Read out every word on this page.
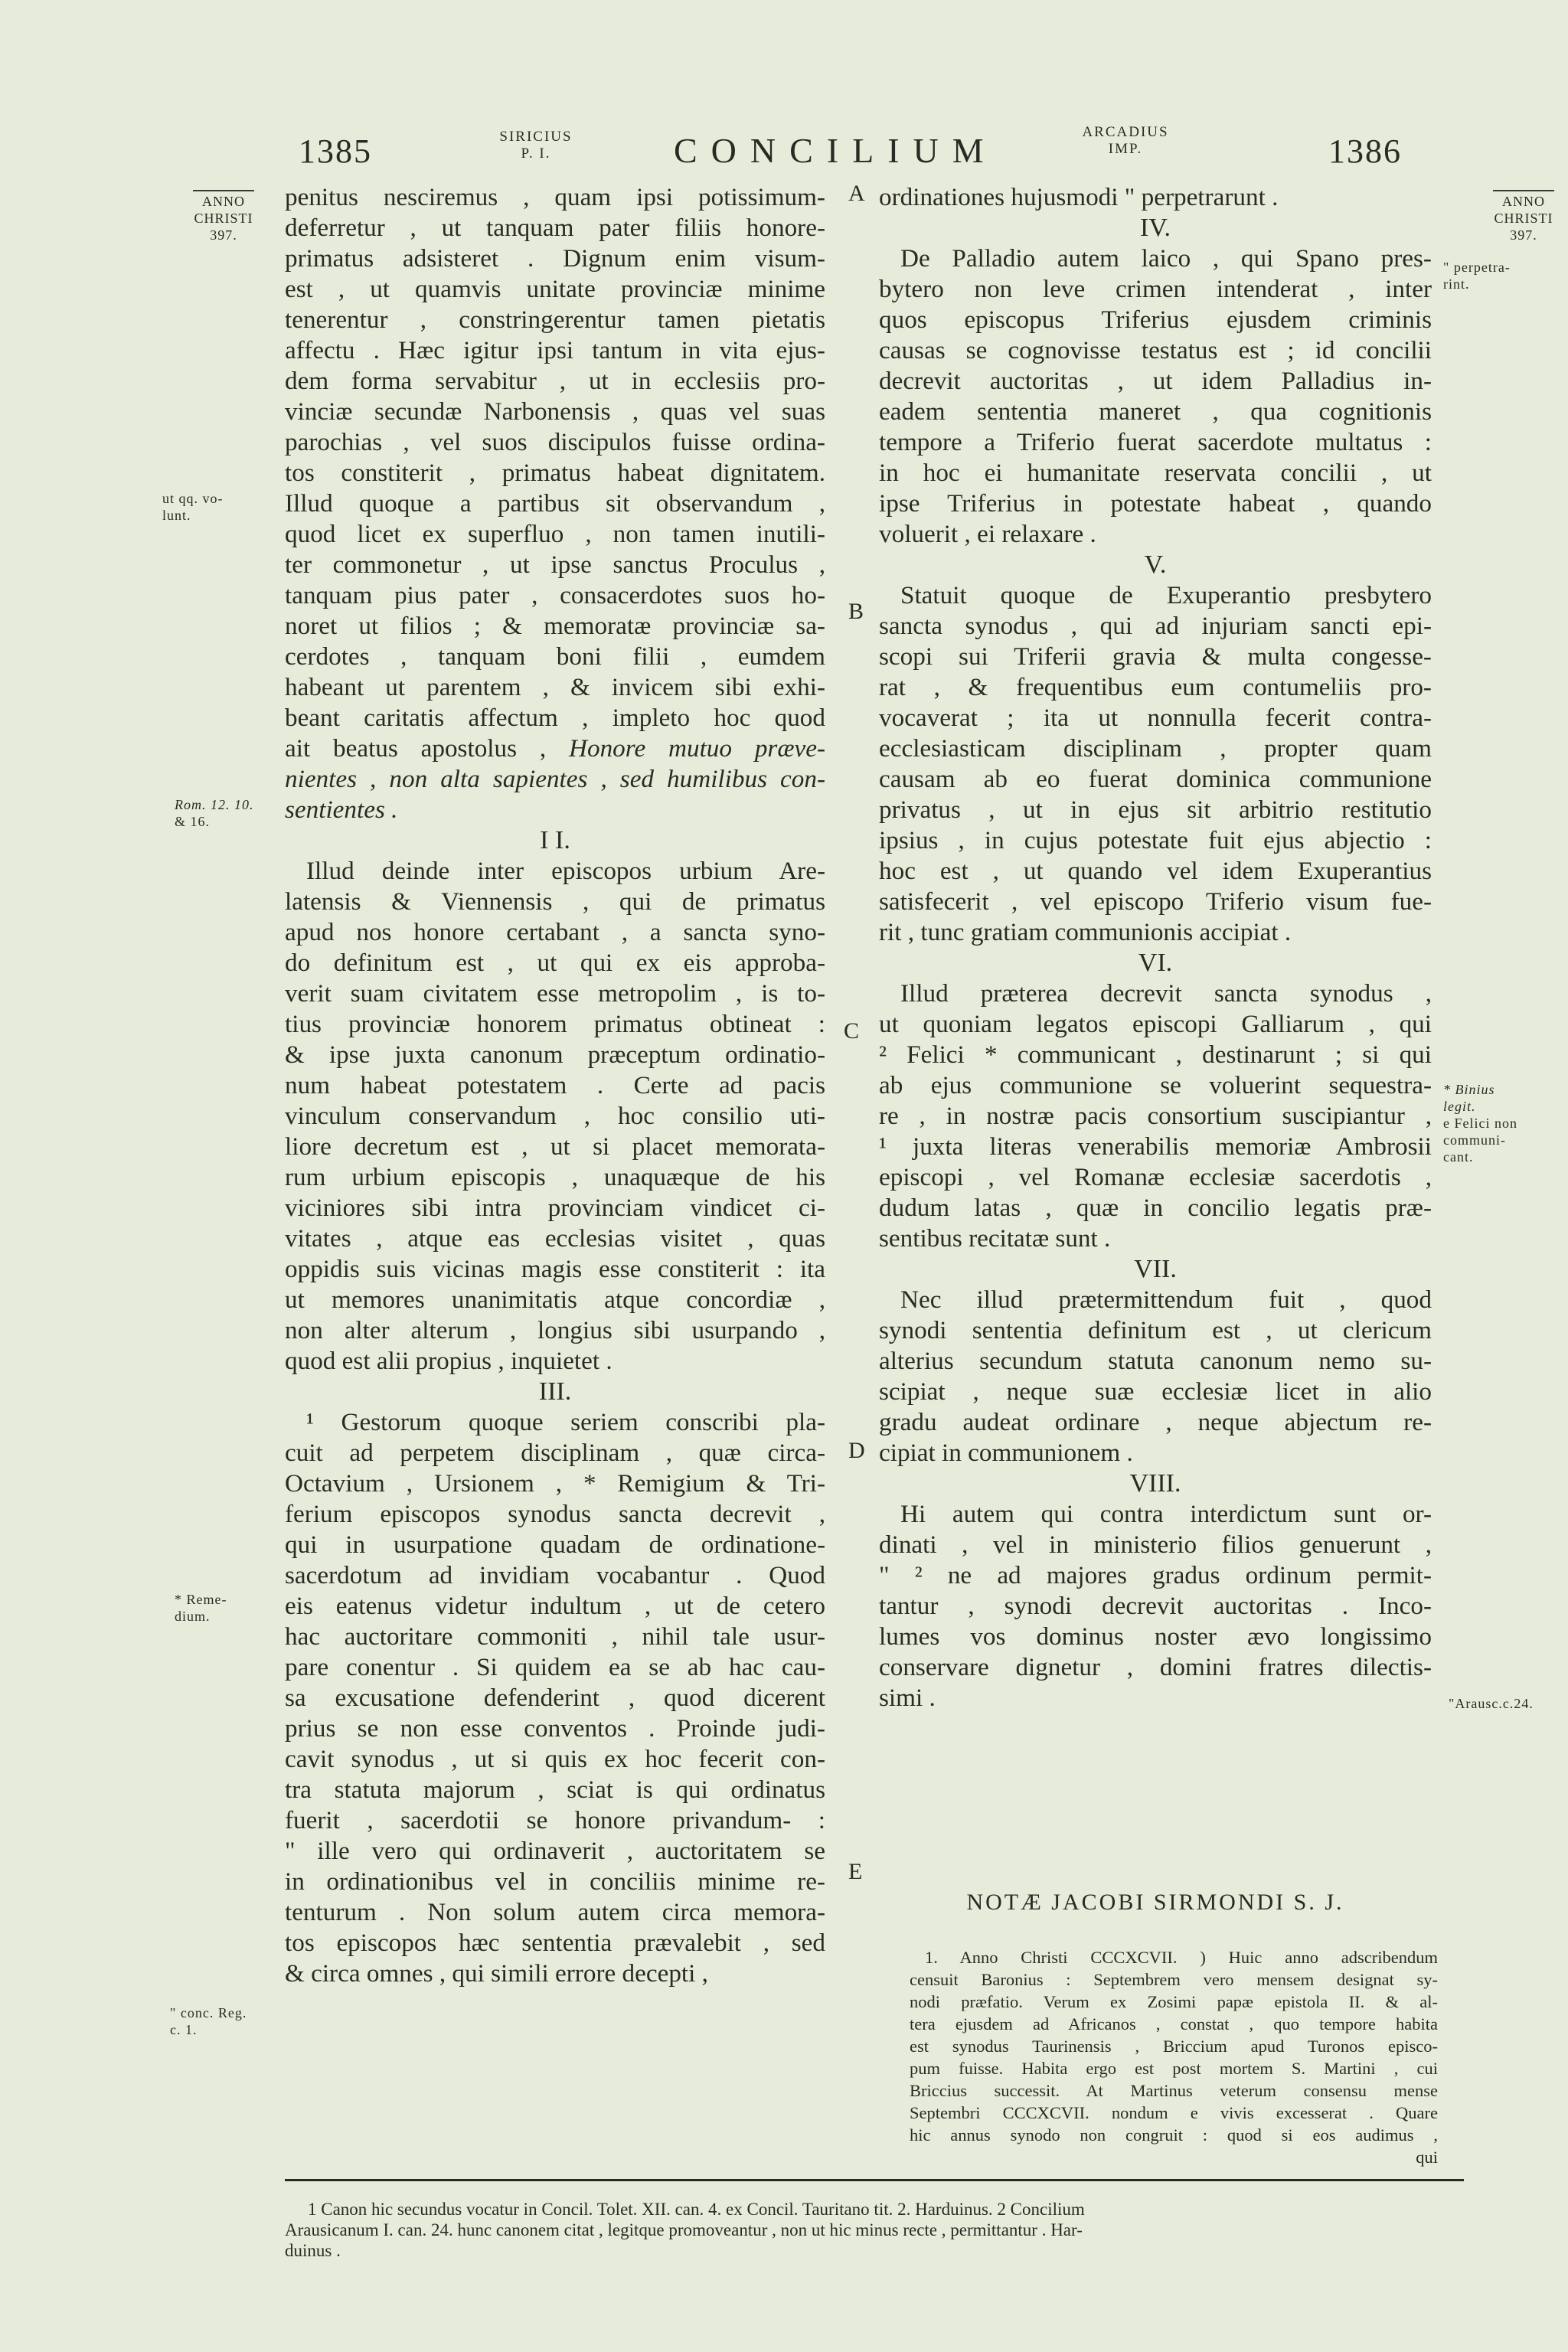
1385	SIRICIUS
P. I.	CONCILIUM	ARCADIUS
IMP.	1386
ANNO
CHRISTI
397.
ut qq. vo-
lunt.
Rom. 12. 10.
& 16.
* Reme-
dium.
" conc. Reg.
c. 1.
ANNO
CHRISTI
397.
" perpetra-
rint.
* Binius
legit.
e Felici non
communi-
cant.
"Arausc.c.24.
A
B
C
D
E
penitus nesciremus , quam ipsi potissimum-
deferretur , ut tanquam pater filiis honore-
primatus adsisteret . Dignum enim visum-
est , ut quamvis unitate provinciæ minime
tenerentur , constringerentur tamen pietatis
affectu . Hæc igitur ipsi tantum in vita ejus-
dem forma servabitur , ut in ecclesiis pro-
vinciæ secundæ Narbonensis , quas vel suas
parochias , vel suos discipulos fuisse ordina-
tos constiterit , primatus habeat dignitatem.
Illud quoque a partibus sit observandum ,
quod licet ex superfluo , non tamen inutili-
ter commonetur , ut ipse sanctus Proculus ,
tanquam pius pater , consacerdotes suos ho-
noret ut filios ; & memoratæ provinciæ sa-
cerdotes , tanquam boni filii , eumdem
habeant ut parentem , & invicem sibi exhi-
beant caritatis affectum , impleto hoc quod
ait beatus apostolus , Honore mutuo præve-
nientes , non alta sapientes , sed humilibus con-
sentientes .
I I.
Illud deinde inter episcopos urbium Are-
latensis & Viennensis , qui de primatus
apud nos honore certabant , a sancta syno-
do definitum est , ut qui ex eis approba-
verit suam civitatem esse metropolim , is to-
tius provinciæ honorem primatus obtineat :
& ipse juxta canonum præceptum ordinatio-
num habeat potestatem . Certe ad pacis
vinculum conservandum , hoc consilio uti-
liore decretum est , ut si placet memorata-
rum urbium episcopis , unaquæque de his
viciniores sibi intra provinciam vindicet ci-
vitates , atque eas ecclesias visitet , quas
oppidis suis vicinas magis esse constiterit : ita
ut memores unanimitatis atque concordiæ ,
non alter alterum , longius sibi usurpando ,
quod est alii propius , inquietet .
III.
¹ Gestorum quoque seriem conscribi pla-
cuit ad perpetem disciplinam , quæ circa-
Octavium , Ursionem , * Remigium & Tri-
ferium episcopos synodus sancta decrevit ,
qui in usurpatione quadam de ordinatione-
sacerdotum ad invidiam vocabantur . Quod
eis eatenus videtur indultum , ut de cetero
hac auctoritare commoniti , nihil tale usur-
pare conentur . Si quidem ea se ab hac cau-
sa excusatione defenderint , quod dicerent
prius se non esse conventos . Proinde judi-
cavit synodus , ut si quis ex hoc fecerit con-
tra statuta majorum , sciat is qui ordinatus
fuerit , sacerdotii se honore privandum- :
" ille vero qui ordinaverit , auctoritatem se
in ordinationibus vel in conciliis minime re-
tenturum . Non solum autem circa memora-
tos episcopos hæc sententia prævalebit , sed
& circa omnes , qui simili errore decepti ,
ordinationes hujusmodi " perpetrarunt .
IV.
De Palladio autem laico , qui Spano pres-
bytero non leve crimen intenderat , inter
quos episcopus Triferius ejusdem criminis
causas se cognovisse testatus est ; id concilii
decrevit auctoritas , ut idem Palladius in-
eadem sententia maneret , qua cognitionis
tempore a Triferio fuerat sacerdote multatus :
in hoc ei humanitate reservata concilii , ut
ipse Triferius in potestate habeat , quando
voluerit , ei relaxare .
V.
Statuit quoque de Exuperantio presbytero
sancta synodus , qui ad injuriam sancti epi-
scopi sui Triferii gravia & multa congesse-
rat , & frequentibus eum contumeliis pro-
vocaverat ; ita ut nonnulla fecerit contra-
ecclesiasticam disciplinam , propter quam
causam ab eo fuerat dominica communione
privatus , ut in ejus sit arbitrio restitutio
ipsius , in cujus potestate fuit ejus abjectio :
hoc est , ut quando vel idem Exuperantius
satisfecerit , vel episcopo Triferio visum fue-
rit , tunc gratiam communionis accipiat .
VI.
Illud præterea decrevit sancta synodus ,
ut quoniam legatos episcopi Galliarum , qui
² Felici * communicant , destinarunt ; si qui
ab ejus communione se voluerint sequestra-
re , in nostræ pacis consortium suscipiantur ,
¹ juxta literas venerabilis memoriæ Ambrosii
episcopi , vel Romanæ ecclesiæ sacerdotis ,
dudum latas , quæ in concilio legatis præ-
sentibus recitatæ sunt .
VII.
Nec illud prætermittendum fuit , quod
synodi sententia definitum est , ut clericum
alterius secundum statuta canonum nemo su-
scipiat , neque suæ ecclesiæ licet in alio
gradu audeat ordinare , neque abjectum re-
cipiat in communionem .
VIII.
Hi autem qui contra interdictum sunt or-
dinati , vel in ministerio filios genuerunt ,
" ² ne ad majores gradus ordinum permit-
tantur , synodi decrevit auctoritas . Inco-
lumes vos dominus noster ævo longissimo
conservare dignetur , domini fratres dilectis-
simi .
NOTÆ JACOBI SIRMONDI S. J.
1. Anno Christi CCCXCVII. ) Huic anno adscribendum
censuit Baronius : Septembrem vero mensem designat sy-
nodi præfatio. Verum ex Zosimi papæ epistola II. & al-
tera ejusdem ad Africanos , constat , quo tempore habita
est synodus Taurinensis , Briccium apud Turonos episco-
pum fuisse. Habita ergo est post mortem S. Martini , cui
Briccius successit. At Martinus veterum consensu mense
Septembri CCCXCVII. nondum e vivis excesserat . Quare
hic annus synodo non congruit : quod si eos audimus ,
qui
1 Canon hic secundus vocatur in Concil. Tolet. XII. can. 4. ex Concil. Tauritano tit. 2. Harduinus. 2 Concilium
Arausicanum I. can. 24. hunc canonem citat , legitque promoveantur , non ut hic minus recte , permittantur . Har-
duinus .
